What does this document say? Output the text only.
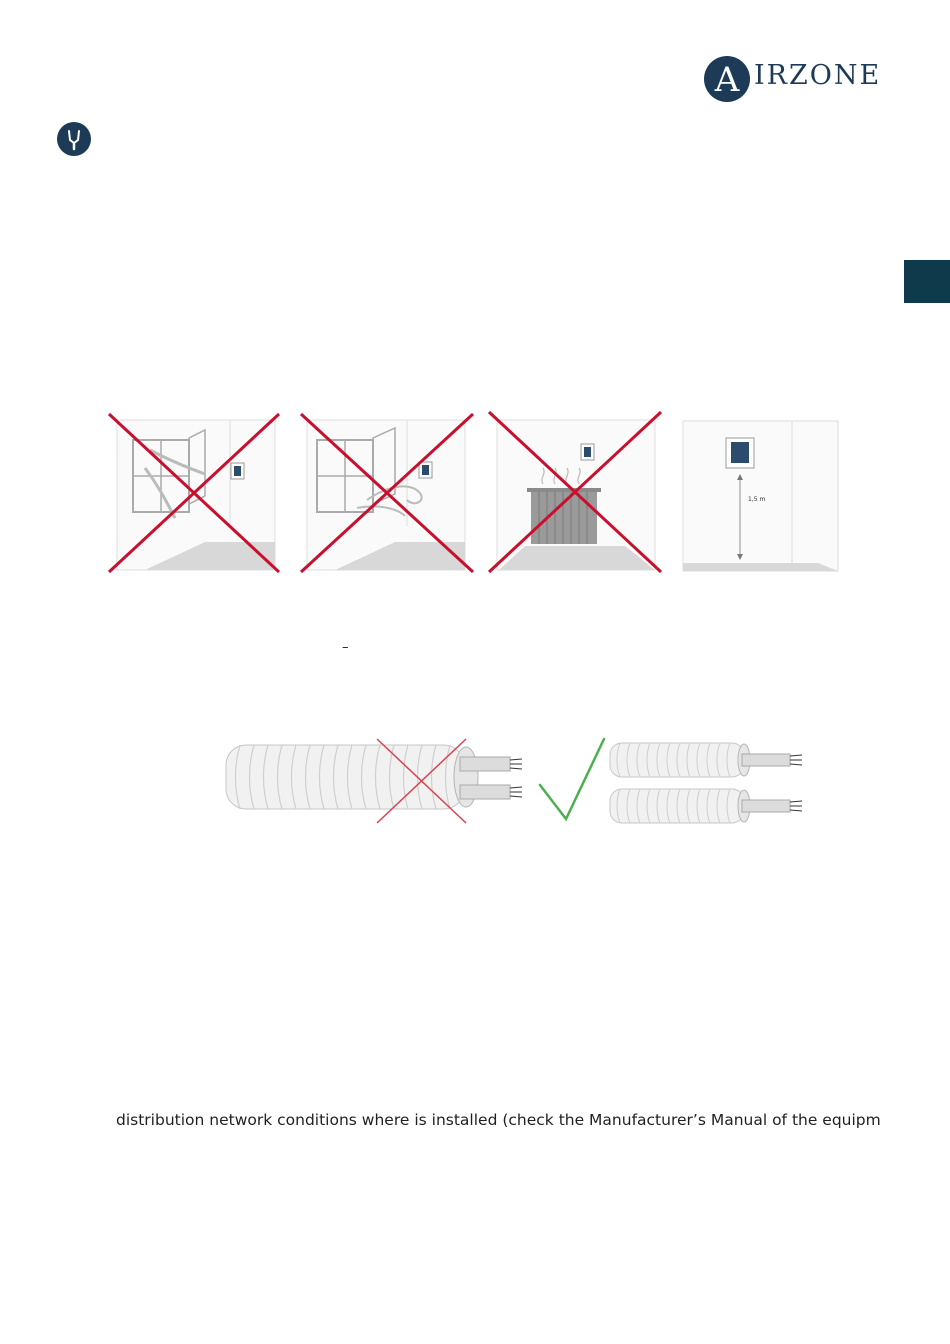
A IRZONE
1,5 m
–
distribution network conditions where is installed (check the Manufacturer’s Manual of the equipm
